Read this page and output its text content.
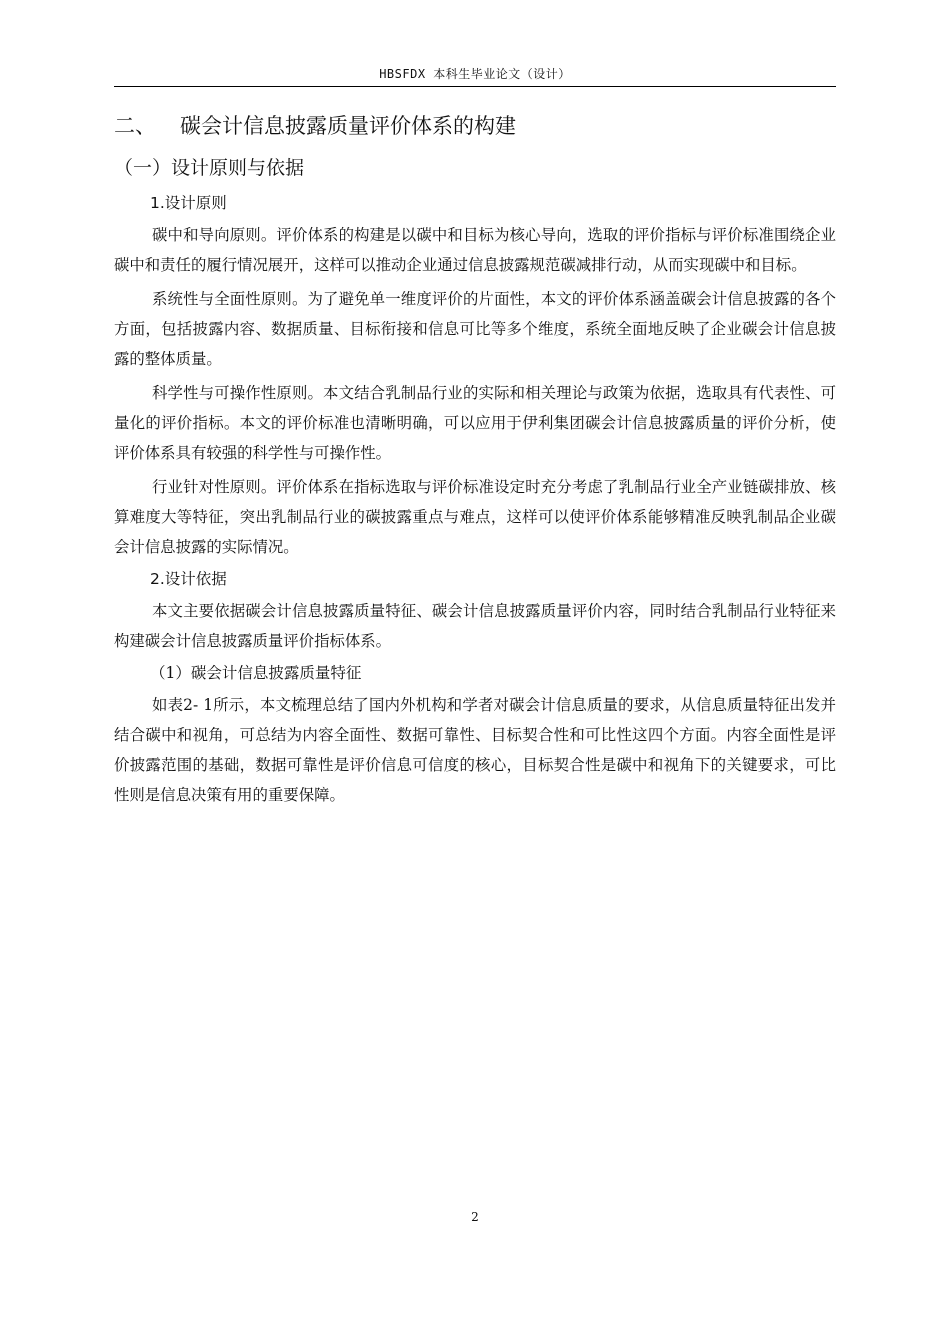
HBSFDX 本科生毕业论文（设计）
二、 碳会计信息披露质量评价体系的构建
（一）设计原则与依据
1.设计原则

碳中和导向原则。评价体系的构建是以碳中和目标为核心导向，选取的评价指标与评价标准围绕企业碳中和责任的履行情况展开，这样可以推动企业通过信息披露规范碳减排行动，从而实现碳中和目标。

系统性与全面性原则。为了避免单一维度评价的片面性，本文的评价体系涵盖碳会计信息披露的各个方面，包括披露内容、数据质量、目标衔接和信息可比等多个维度，系统全面地反映了企业碳会计信息披露的整体质量。

科学性与可操作性原则。本文结合乳制品行业的实际和相关理论与政策为依据，选取具有代表性、可量化的评价指标。本文的评价标准也清晰明确，可以应用于伊利集团碳会计信息披露质量的评价分析，使评价体系具有较强的科学性与可操作性。

行业针对性原则。评价体系在指标选取与评价标准设定时充分考虑了乳制品行业全产业链碳排放、核算难度大等特征，突出乳制品行业的碳披露重点与难点，这样可以使评价体系能够精准反映乳制品企业碳会计信息披露的实际情况。

2.设计依据

本文主要依据碳会计信息披露质量特征、碳会计信息披露质量评价内容，同时结合乳制品行业特征来构建碳会计信息披露质量评价指标体系。

（1）碳会计信息披露质量特征

如表2- 1所示，本文梳理总结了国内外机构和学者对碳会计信息质量的要求，从信息质量特征出发并结合碳中和视角，可总结为内容全面性、数据可靠性、目标契合性和可比性这四个方面。内容全面性是评价披露范围的基础，数据可靠性是评价信息可信度的核心，目标契合性是碳中和视角下的关键要求，可比性则是信息决策有用的重要保障。

2
